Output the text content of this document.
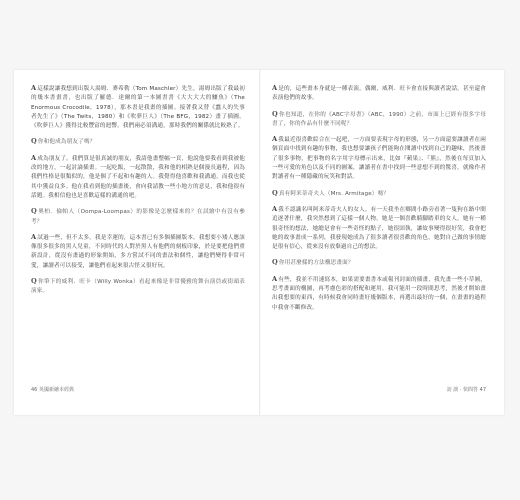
A這樣說讓我想到出版人湯姆．麥希勒（Tom Maschler）先生，湯姆出版了我最初的幾本書畫書，也出版了羅德．達爾的第一本圖書書《大大大大的鱷魚》（The Enormous Crocodile，1978），那本書是我畫的插圖。接著我又替《蠢人的失事者先生了》（The Twits，1980）和《吹夢巨人》（The BFG，1982）畫了插圖。《吹夢巨人》獲得比較豐富的迴響。我們兩必須溝通，那時我們的關係就比較熟了。

Q你和他成為朋友了嗎？

A成為朋友了。我們算是很真誠的朋友，我請他畫整幅一頁，他說他要我看到我被他改的地方，一起討論插畫。一起吃飯，一起散散，我和他的相熟是個漫長過程，因為我們性格是很類似的，他是個了不起和有趣的人。我覺得他喜歡和我溝通，而我也從其中獲益良多。他在我看到他的插畫後，會向我請教一些小地方的意見，我和他很有話題。我相信他也是喜歡這樣的溝通的吧。

Q奧柏．倫帕人（Oompa-Loompas）的影像是怎麼樣來的？在試繪中有沒有參考？

A試過一些，但不太多。我是幸運的，這本書已有多個插圖版本。我想要小矮人應該像很多很多的黑人兒童，不同時代的人對於黑人有他們的刻板印象，於是要把他們重新設計，從沒有畫過的形象開始，多方嘗試不同的畫法和個性，讓他們變得非常可愛，讓讀者可以接受，讓他們看起來很古怪又很好玩。

Q你筆下的威利．旺卡（Willy Wonka）看起來像是非常優雅的舞台演員或街頭表演家。

A是的，這些畫本身就是一種表演，偶爾，威利．旺卡會直接與讀者說話，甚至還會表演他們的故事。

Q你也知道，在你的《ABC字母書》（ABC，1990）之前，市面上已經有很多字母書了，你的作品有什麼不同呢？

A我最近很喜歡綜合在一起吧，一方面要表現字母的形態，另一方面還要讓讀者在兩個頁面中找到有趣的事物，我也想要讓孩子們能夠在閱讀中找到自己的趣味，然後畫了很多事物，把事物的名字用字母標示出來，比如『蘋果』、『熊』，然後在每頁加入一些可愛的角色以及不同的圖案，讓讀者在書中找到一些意想不到的驚喜，就像作者對讀者有一種隱藏的玩笑和對話。

Q真有阿米蒂奇夫人（Mrs. Armitage）嗎？

A我不認識名叫阿米蒂奇夫人的女人。有一天我坐在鄉間小路旁看著一隻狗在路中間追逐著什麼，我突然想到了這樣一個人物。她是一個喜歡騎腳踏車的女人，她有一種很奇怪的想法，她總是會有一些奇怪的點子，她很固執，讓故事變得很好笑，我會把她的故事畫成一系列，我發現她成為了很多讀者很喜歡的角色，她對自己做的事情總是很有信心，從來沒有放棄過自己的想法。

Q你用甚麼樣的方法構思畫面？

A有些，我並不用速寫本，如果需要畫書本或報刊封面的插畫，我先畫一些小草圖，思考畫面的構圖，再考慮色彩的搭配和運用。我可能用一段時間思考，然後才開始畫出我想要的東西，有時候我會同時畫好幾個版本，再選出最好的一個，在畫畫的過程中我會不斷修改。

46 英國新繪本經典	訪 談 · 快問答 47
